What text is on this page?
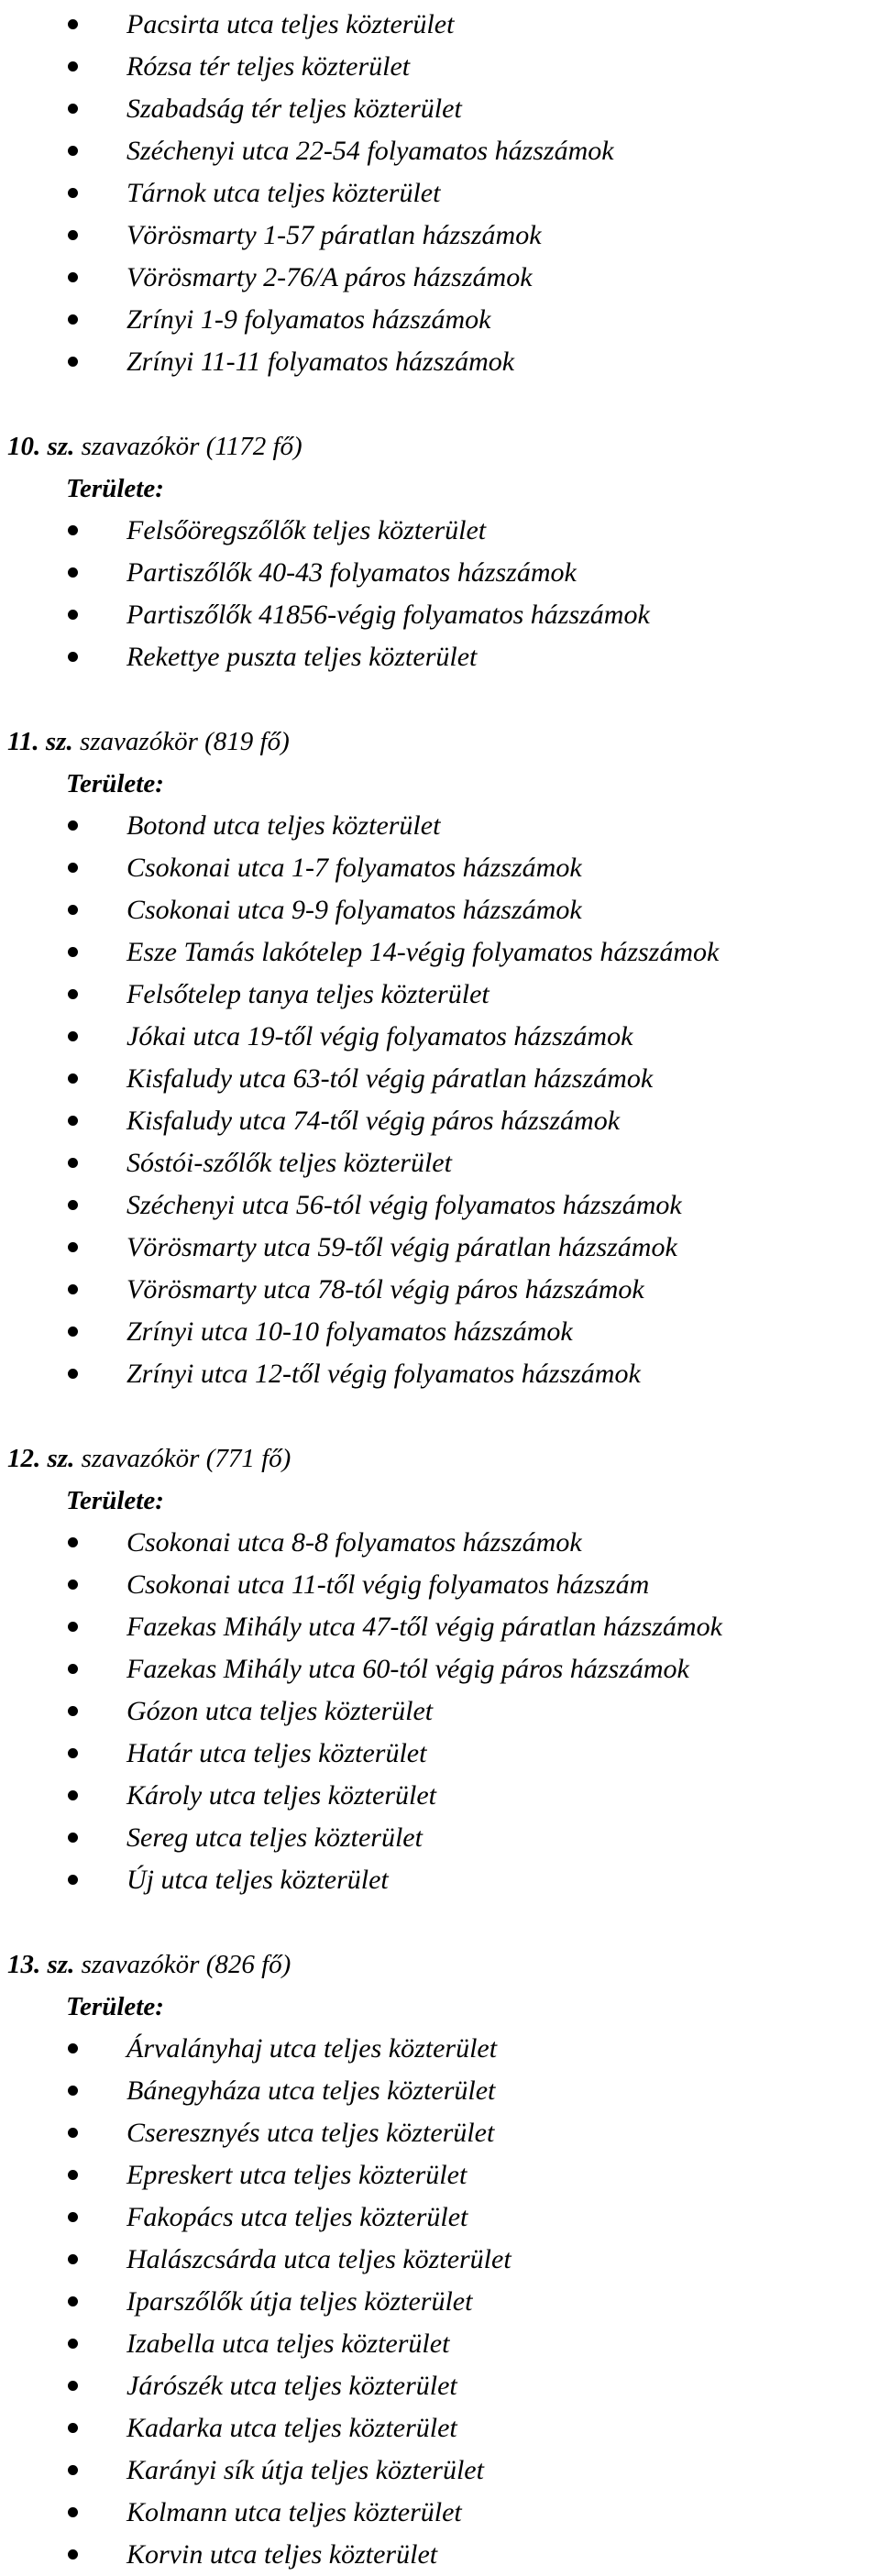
Pacsirta utca teljes közterület
Rózsa tér teljes közterület
Szabadság tér teljes közterület
Széchenyi utca 22-54 folyamatos házszámok
Tárnok utca teljes közterület
Vörösmarty 1-57 páratlan házszámok
Vörösmarty 2-76/A páros házszámok
Zrínyi 1-9 folyamatos házszámok
Zrínyi 11-11 folyamatos házszámok
10. sz. szavazókör (1172 fő)
Területe:
Felsőöregszőlők teljes közterület
Partiszőlők 40-43 folyamatos házszámok
Partiszőlők 41856-végig folyamatos házszámok
Rekettye puszta teljes közterület
11. sz. szavazókör (819 fő)
Területe:
Botond utca teljes közterület
Csokonai utca 1-7 folyamatos házszámok
Csokonai utca 9-9 folyamatos házszámok
Esze Tamás lakótelep 14-végig folyamatos házszámok
Felsőtelep tanya teljes közterület
Jókai utca 19-től végig folyamatos házszámok
Kisfaludy utca 63-tól végig páratlan házszámok
Kisfaludy utca 74-től végig páros házszámok
Sóstói-szőlők teljes közterület
Széchenyi utca 56-tól végig folyamatos házszámok
Vörösmarty utca 59-től végig páratlan házszámok
Vörösmarty utca 78-tól végig páros házszámok
Zrínyi utca 10-10 folyamatos házszámok
Zrínyi utca 12-től végig folyamatos házszámok
12. sz. szavazókör (771 fő)
Területe:
Csokonai utca 8-8 folyamatos házszámok
Csokonai utca 11-től végig folyamatos házszám
Fazekas Mihály utca 47-től végig páratlan házszámok
Fazekas Mihály utca 60-tól végig páros házszámok
Gózon utca teljes közterület
Határ utca teljes közterület
Károly utca teljes közterület
Sereg utca teljes közterület
Új utca teljes közterület
13. sz. szavazókör (826 fő)
Területe:
Árvalányhaj utca teljes közterület
Bánegyháza utca teljes közterület
Cseresznyés utca teljes közterület
Epreskert utca teljes közterület
Fakopács utca teljes közterület
Halászcsárda utca teljes közterület
Iparszőlők útja teljes közterület
Izabella utca teljes közterület
Járószék utca teljes közterület
Kadarka utca teljes közterület
Karányi sík útja teljes közterület
Kolmann utca teljes közterület
Korvin utca teljes közterület
